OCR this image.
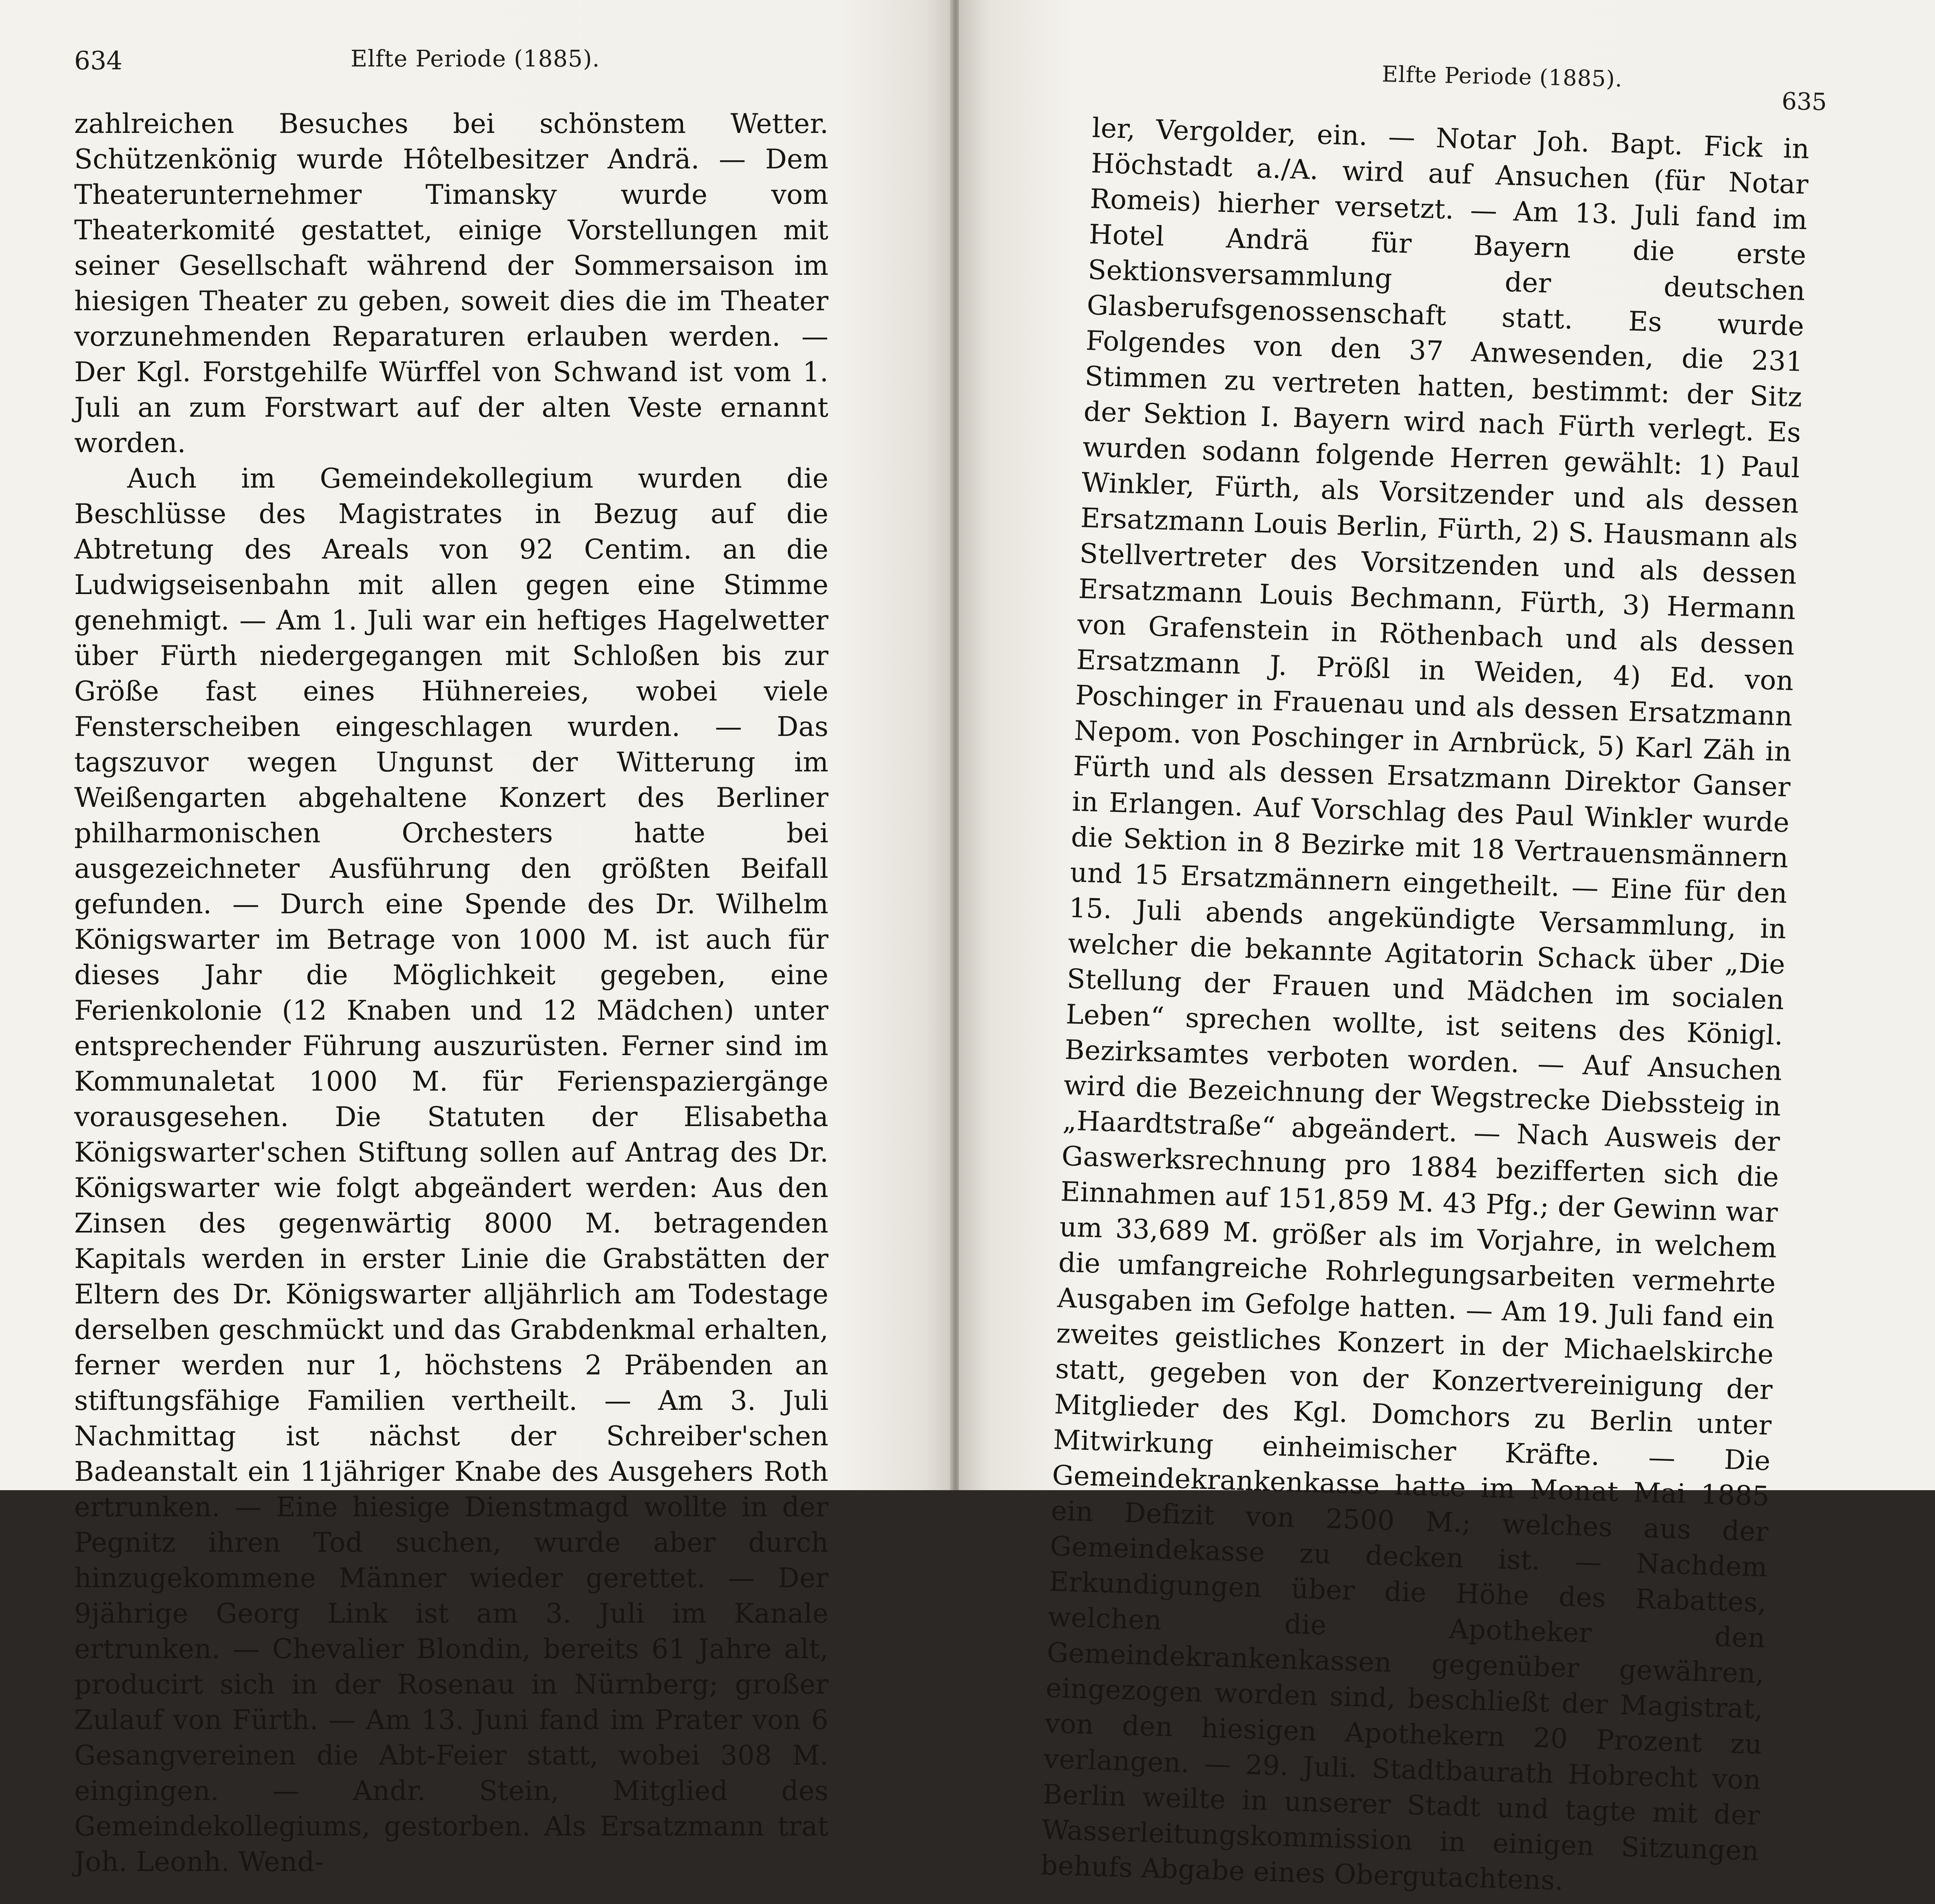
634	Elfte Periode (1885).

zahlreichen Besuches bei schönstem Wetter. Schützenkönig wurde Hôtelbesitzer Andrä. — Dem Theaterunternehmer Timansky wurde vom Theaterkomité gestattet, einige Vorstellungen mit seiner Gesellschaft während der Sommersaison im hiesigen Theater zu geben, soweit dies die im Theater vorzunehmenden Reparaturen erlauben werden. — Der Kgl. Forstgehilfe Würffel von Schwand ist vom 1. Juli an zum Forstwart auf der alten Veste ernannt worden.

Auch im Gemeindekollegium wurden die Beschlüsse des Magistrates in Bezug auf die Abtretung des Areals von 92 Centim. an die Ludwigseisenbahn mit allen gegen eine Stimme genehmigt. — Am 1. Juli war ein heftiges Hagelwetter über Fürth niedergegangen mit Schloßen bis zur Größe fast eines Hühnereies, wobei viele Fensterscheiben eingeschlagen wurden. — Das tagszuvor wegen Ungunst der Witterung im Weißengarten abgehaltene Konzert des Berliner philharmonischen Orchesters hatte bei ausgezeichneter Ausführung den größten Beifall gefunden. — Durch eine Spende des Dr. Wilhelm Königswarter im Betrage von 1000 M. ist auch für dieses Jahr die Möglichkeit gegeben, eine Ferienkolonie (12 Knaben und 12 Mädchen) unter entsprechender Führung auszurüsten. Ferner sind im Kommunaletat 1000 M. für Ferienspaziergänge vorausgesehen. Die Statuten der Elisabetha Königswarter'schen Stiftung sollen auf Antrag des Dr. Königswarter wie folgt abgeändert werden: Aus den Zinsen des gegenwärtig 8000 M. betragenden Kapitals werden in erster Linie die Grabstätten der Eltern des Dr. Königswarter alljährlich am Todestage derselben geschmückt und das Grabdenkmal erhalten, ferner werden nur 1, höchstens 2 Präbenden an stiftungsfähige Familien vertheilt. — Am 3. Juli Nachmittag ist nächst der Schreiber'schen Badeanstalt ein 11jähriger Knabe des Ausgehers Roth ertrunken. — Eine hiesige Dienstmagd wollte in der Pegnitz ihren Tod suchen, wurde aber durch hinzugekommene Männer wieder gerettet. — Der 9jährige Georg Link ist am 3. Juli im Kanale ertrunken. — Chevalier Blondin, bereits 61 Jahre alt, producirt sich in der Rosenau in Nürnberg; großer Zulauf von Fürth. — Am 13. Juni fand im Prater von 6 Gesangvereinen die Abt-Feier statt, wobei 308 M. eingingen. — Andr. Stein, Mitglied des Gemeindekollegiums, gestorben. Als Ersatzmann trat Joh. Leonh. Wend-

Elfte Periode (1885).
635

ler, Vergolder, ein. — Notar Joh. Bapt. Fick in Höchstadt a./A. wird auf Ansuchen (für Notar Romeis) hierher versetzt. — Am 13. Juli fand im Hotel Andrä für Bayern die erste Sektionsversammlung der deutschen Glasberufsgenossenschaft statt. Es wurde Folgendes von den 37 Anwesenden, die 231 Stimmen zu vertreten hatten, bestimmt: der Sitz der Sektion I. Bayern wird nach Fürth verlegt. Es wurden sodann folgende Herren gewählt: 1) Paul Winkler, Fürth, als Vorsitzender und als dessen Ersatzmann Louis Berlin, Fürth, 2) S. Hausmann als Stellvertreter des Vorsitzenden und als dessen Ersatzmann Louis Bechmann, Fürth, 3) Hermann von Grafenstein in Röthenbach und als dessen Ersatzmann J. Prößl in Weiden, 4) Ed. von Poschinger in Frauenau und als dessen Ersatzmann Nepom. von Poschinger in Arnbrück, 5) Karl Zäh in Fürth und als dessen Ersatzmann Direktor Ganser in Erlangen. Auf Vorschlag des Paul Winkler wurde die Sektion in 8 Bezirke mit 18 Vertrauensmännern und 15 Ersatzmännern eingetheilt. — Eine für den 15. Juli abends angekündigte Versammlung, in welcher die bekannte Agitatorin Schack über „Die Stellung der Frauen und Mädchen im socialen Leben“ sprechen wollte, ist seitens des Königl. Bezirksamtes verboten worden. — Auf Ansuchen wird die Bezeichnung der Wegstrecke Diebssteig in „Haardtstraße“ abgeändert. — Nach Ausweis der Gaswerksrechnung pro 1884 bezifferten sich die Einnahmen auf 151,859 M. 43 Pfg.; der Gewinn war um 33,689 M. größer als im Vorjahre, in welchem die umfangreiche Rohrlegungsarbeiten vermehrte Ausgaben im Gefolge hatten. — Am 19. Juli fand ein zweites geistliches Konzert in der Michaelskirche statt, gegeben von der Konzertvereinigung der Mitglieder des Kgl. Domchors zu Berlin unter Mitwirkung einheimischer Kräfte. — Die Gemeindekrankenkasse hatte im Monat Mai 1885 ein Defizit von 2500 M.; welches aus der Gemeindekasse zu decken ist. — Nachdem Erkundigungen über die Höhe des Rabattes, welchen die Apotheker den Gemeindekrankenkassen gegenüber gewähren, eingezogen worden sind, beschließt der Magistrat, von den hiesigen Apothekern 20 Prozent zu verlangen. — 29. Juli. Stadtbaurath Hobrecht von Berlin weilte in unserer Stadt und tagte mit der Wasserleitungskommission in einigen Sitzungen behufs Abgabe eines Obergutachtens.
